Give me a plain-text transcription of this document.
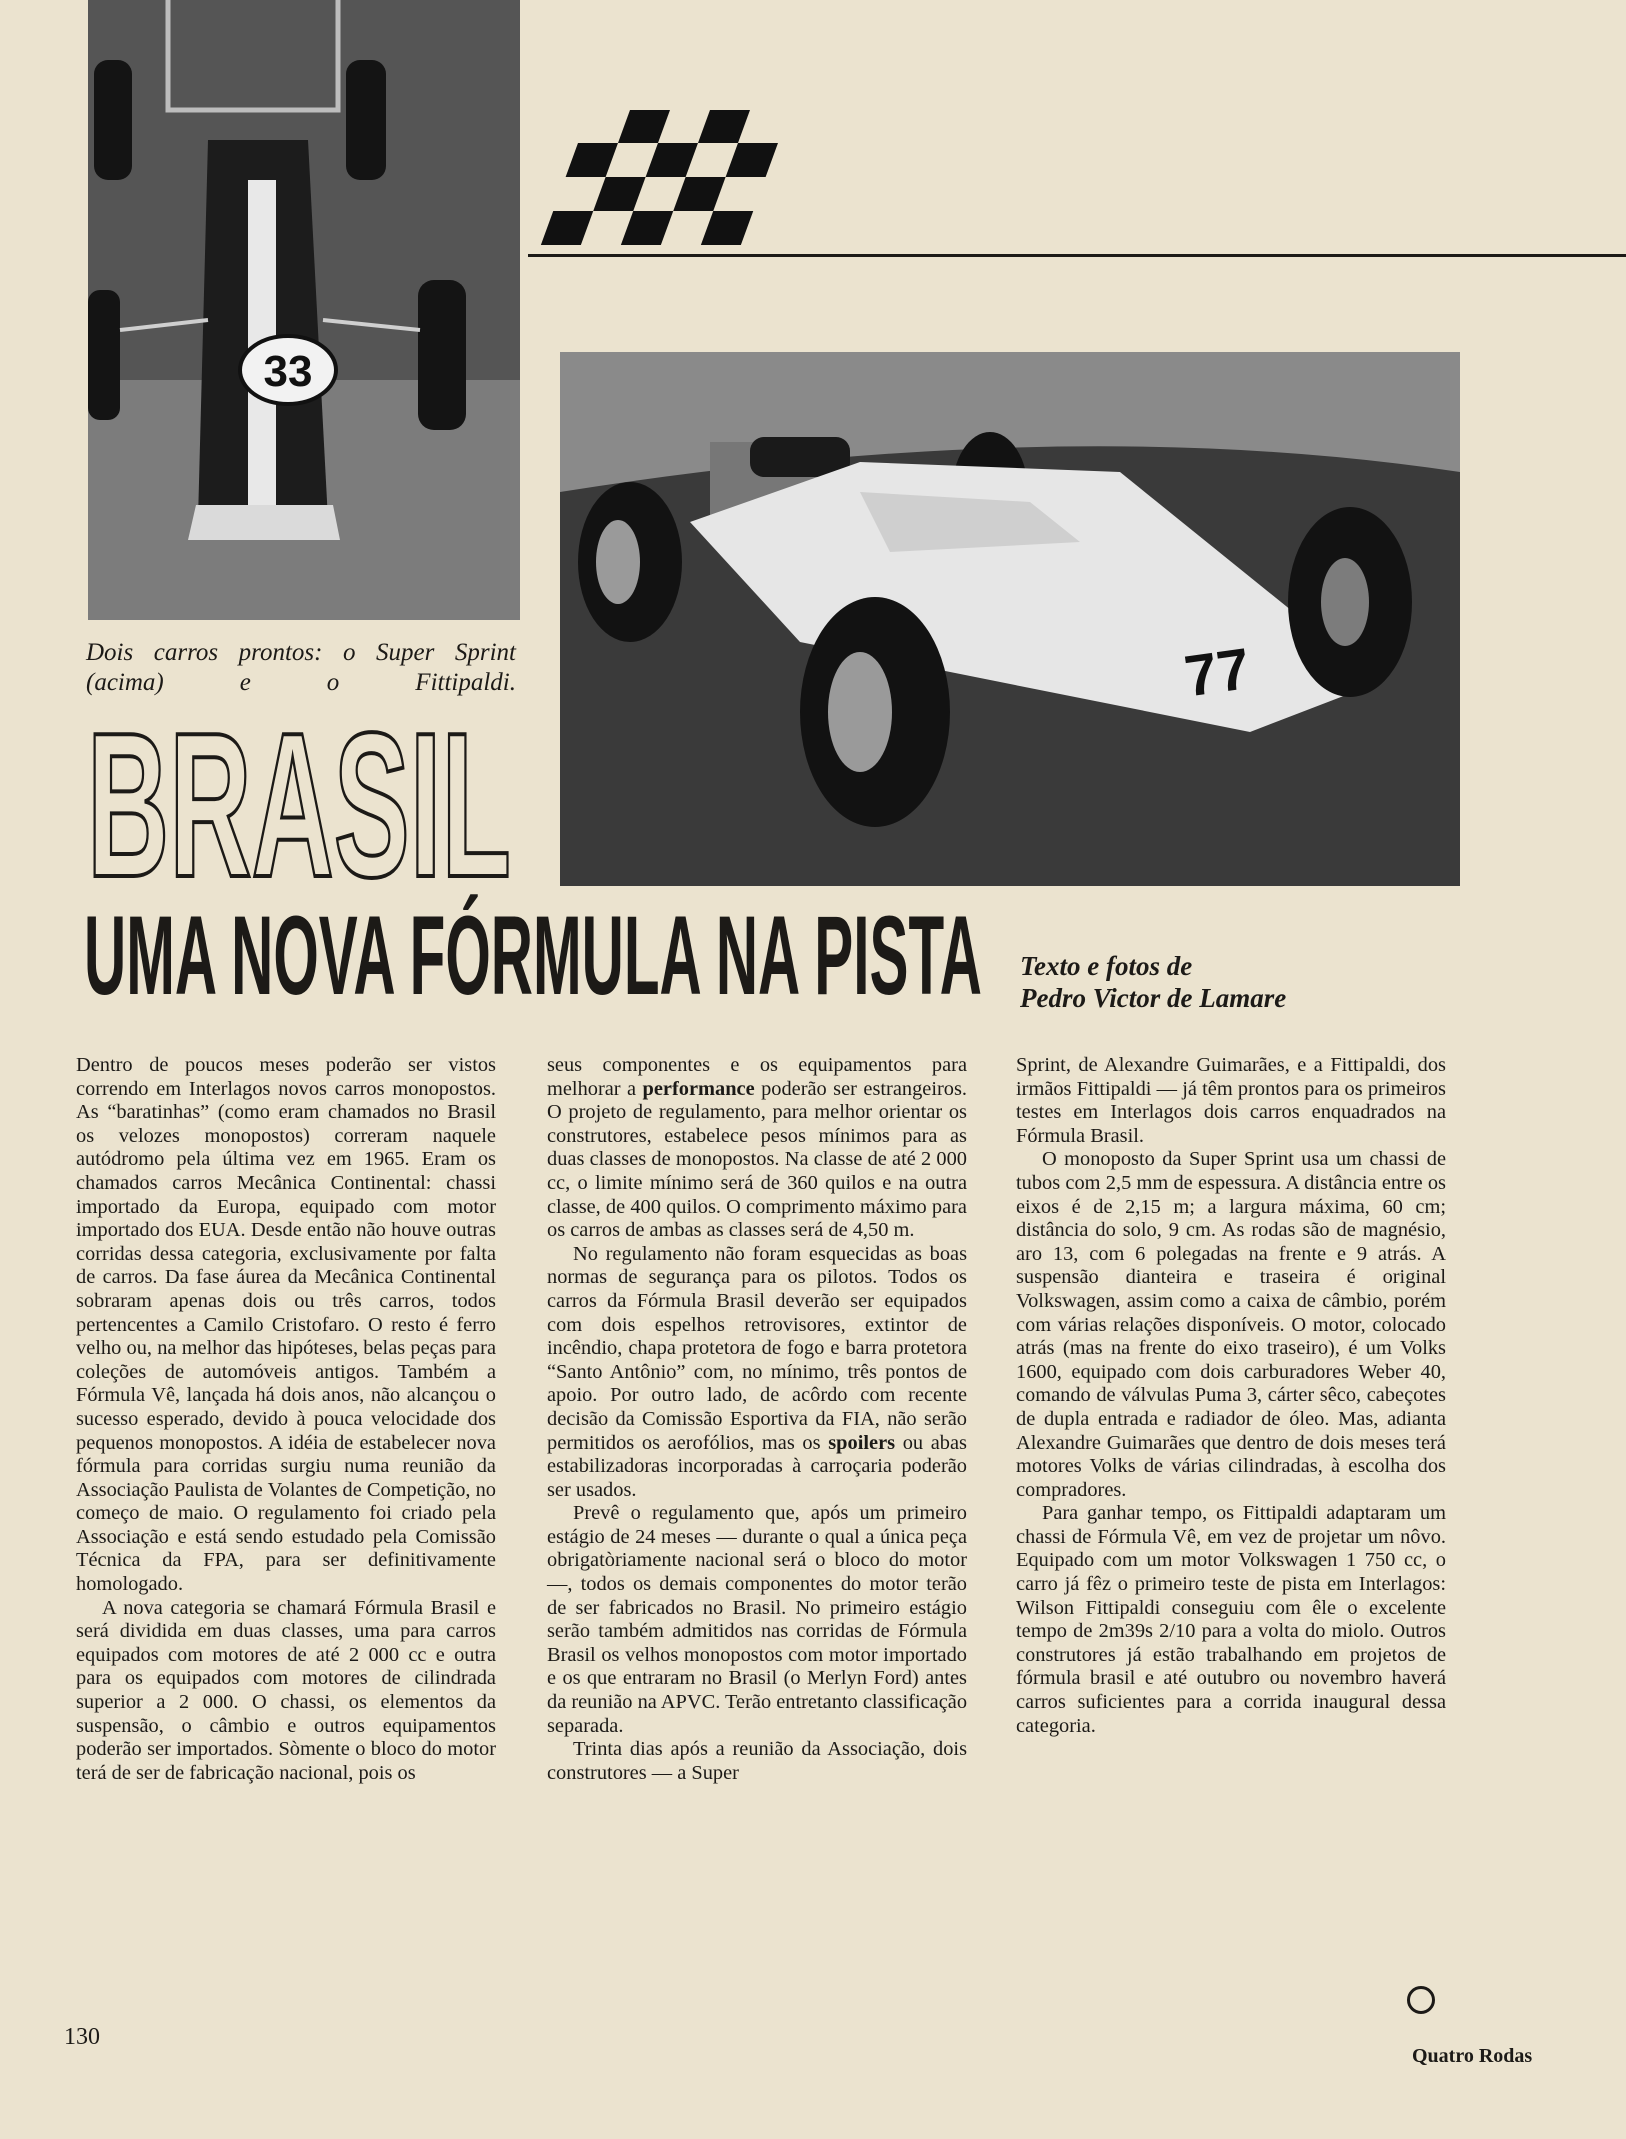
33
77
Dois carros prontos: o Super Sprint (acima) e o Fittipaldi.
BRASIL
UMA NOVA FÓRMULA NA PISTA Texto e fotos de
Pedro Victor de Lamare

Dentro de poucos meses poderão ser vistos correndo em Interlagos novos carros monopostos. As “baratinhas” (como eram chamados no Brasil os velozes monopostos) correram naquele autódromo pela última vez em 1965. Eram os chamados carros Mecânica Continental: chassi importado da Europa, equipado com motor importado dos EUA. Desde então não houve outras corridas dessa categoria, exclusivamente por falta de carros. Da fase áurea da Mecânica Continental sobraram apenas dois ou três carros, todos pertencentes a Camilo Cristofaro. O resto é ferro velho ou, na melhor das hipóteses, belas peças para coleções de automóveis antigos. Também a Fórmula Vê, lançada há dois anos, não alcançou o sucesso esperado, devido à pouca velocidade dos pequenos monopostos. A idéia de estabelecer nova fórmula para corridas surgiu numa reunião da Associação Paulista de Volantes de Competição, no começo de maio. O regulamento foi criado pela Associação e está sendo estudado pela Comissão Técnica da FPA, para ser definitivamente homologado.

A nova categoria se chamará Fórmula Brasil e será dividida em duas classes, uma para carros equipados com motores de até 2 000 cc e outra para os equipados com motores de cilindrada superior a 2 000. O chassi, os elementos da suspensão, o câmbio e outros equipamentos poderão ser importados. Sòmente o bloco do motor terá de ser de fabricação nacional, pois os

seus componentes e os equipamentos para melhorar a performance poderão ser estrangeiros. O projeto de regulamento, para melhor orientar os construtores, estabelece pesos mínimos para as duas classes de monopostos. Na classe de até 2 000 cc, o limite mínimo será de 360 quilos e na outra classe, de 400 quilos. O comprimento máximo para os carros de ambas as classes será de 4,50 m.

No regulamento não foram esquecidas as boas normas de segurança para os pilotos. Todos os carros da Fórmula Brasil deverão ser equipados com dois espelhos retrovisores, extintor de incêndio, chapa protetora de fogo e barra protetora “Santo Antônio” com, no mínimo, três pontos de apoio. Por outro lado, de acôrdo com recente decisão da Comissão Esportiva da FIA, não serão permitidos os aerofólios, mas os spoilers ou abas estabilizadoras incorporadas à carroçaria poderão ser usados.

Prevê o regulamento que, após um primeiro estágio de 24 meses — durante o qual a única peça obrigatòriamente nacional será o bloco do motor —, todos os demais componentes do motor terão de ser fabricados no Brasil. No primeiro estágio serão também admitidos nas corridas de Fórmula Brasil os velhos monopostos com motor importado e os que entraram no Brasil (o Merlyn Ford) antes da reunião na APVC. Terão entretanto classificação separada.

Trinta dias após a reunião da Associação, dois construtores — a Super

Sprint, de Alexandre Guimarães, e a Fittipaldi, dos irmãos Fittipaldi — já têm prontos para os primeiros testes em Interlagos dois carros enquadrados na Fórmula Brasil.

O monoposto da Super Sprint usa um chassi de tubos com 2,5 mm de espessura. A distância entre os eixos é de 2,15 m; a largura máxima, 60 cm; distância do solo, 9 cm. As rodas são de magnésio, aro 13, com 6 polegadas na frente e 9 atrás. A suspensão dianteira e traseira é original Volkswagen, assim como a caixa de câmbio, porém com várias relações disponíveis. O motor, colocado atrás (mas na frente do eixo traseiro), é um Volks 1600, equipado com dois carburadores Weber 40, comando de válvulas Puma 3, cárter sêco, cabeçotes de dupla entrada e radiador de óleo. Mas, adianta Alexandre Guimarães que dentro de dois meses terá motores Volks de várias cilindradas, à escolha dos compradores.

Para ganhar tempo, os Fittipaldi adaptaram um chassi de Fórmula Vê, em vez de projetar um nôvo. Equipado com um motor Volkswagen 1 750 cc, o carro já fêz o primeiro teste de pista em Interlagos: Wilson Fittipaldi conseguiu com êle o excelente tempo de 2m39s 2/10 para a volta do miolo. Outros construtores já estão trabalhando em projetos de fórmula brasil e até outubro ou novembro haverá carros suficientes para a corrida inaugural dessa categoria.

130
Quatro Rodas
